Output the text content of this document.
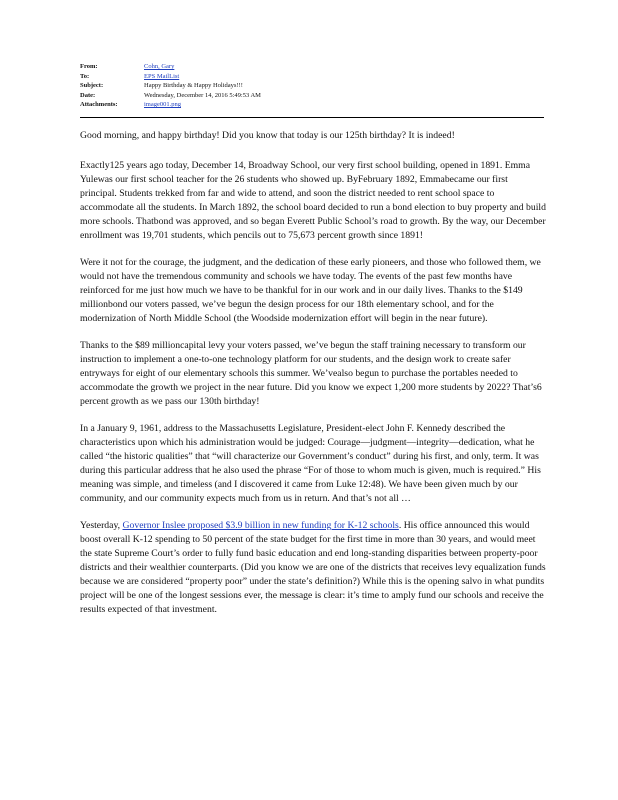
From:	Cohn, Gary
To:	EPS MailList
Subject:	Happy Birthday & Happy Holidays!!!
Date:	Wednesday, December 14, 2016 5:49:53 AM
Attachments:	image001.png

Good morning, and happy birthday! Did you know that today is our 125th birthday? It is indeed!

Exactly125 years ago today, December 14, Broadway School, our very first school building, opened in 1891. Emma Yulewas our first school teacher for the 26 students who showed up. ByFebruary 1892, Emmabecame our first principal. Students trekked from far and wide to attend, and soon the district needed to rent school space to accommodate all the students. In March 1892, the school board decided to run a bond election to buy property and build more schools. Thatbond was approved, and so began Everett Public School’s road to growth. By the way, our December enrollment was 19,701 students, which pencils out to 75,673 percent growth since 1891!

Were it not for the courage, the judgment, and the dedication of these early pioneers, and those who followed them, we would not have the tremendous community and schools we have today. The events of the past few months have reinforced for me just how much we have to be thankful for in our work and in our daily lives. Thanks to the $149 millionbond our voters passed, we’ve begun the design process for our 18th elementary school, and for the modernization of North Middle School (the Woodside modernization effort will begin in the near future).

Thanks to the $89 millioncapital levy your voters passed, we’ve begun the staff training necessary to transform our instruction to implement a one-to-one technology platform for our students, and the design work to create safer entryways for eight of our elementary schools this summer. We’vealso begun to purchase the portables needed to accommodate the growth we project in the near future. Did you know we expect 1,200 more students by 2022? That’s6 percent growth as we pass our 130th birthday!

In a January 9, 1961, address to the Massachusetts Legislature, President-elect John F. Kennedy described the characteristics upon which his administration would be judged: Courage—judgment—integrity—dedication, what he called “the historic qualities” that “will characterize our Government’s conduct” during his first, and only, term. It was during this particular address that he also used the phrase “For of those to whom much is given, much is required.” His meaning was simple, and timeless (and I discovered it came from Luke 12:48). We have been given much by our community, and our community expects much from us in return. And that’s not all …

Yesterday, Governor Inslee proposed $3.9 billion in new funding for K-12 schools. His office announced this would boost overall K-12 spending to 50 percent of the state budget for the first time in more than 30 years, and would meet the state Supreme Court’s order to fully fund basic education and end long-standing disparities between property-poor districts and their wealthier counterparts. (Did you know we are one of the districts that receives levy equalization funds because we are considered “property poor” under the state’s definition?) While this is the opening salvo in what pundits project will be one of the longest sessions ever, the message is clear: it’s time to amply fund our schools and receive the results expected of that investment.
